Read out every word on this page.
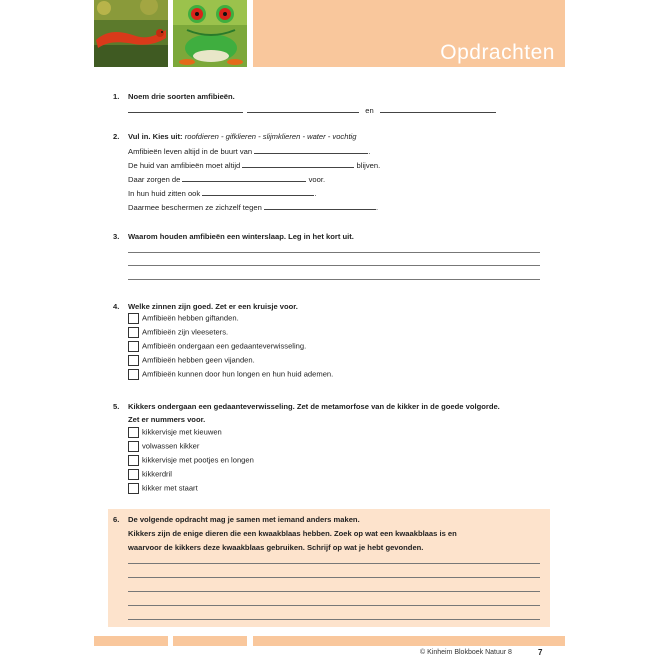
Opdrachten
1. Noem drie soorten amfibieën.
en
2. Vul in. Kies uit: roofdieren - gifklieren - slijmklieren - water - vochtig
Amfibieën leven altijd in de buurt van	.
De huid van amfibieën moet altijd	blijven.
Daar zorgen de	voor.
In hun huid zitten ook	.
Daarmee beschermen ze zichzelf tegen	.
3. Waarom houden amfibieën een winterslaap. Leg in het kort uit.
4. Welke zinnen zijn goed. Zet er een kruisje voor.
Amfibieën hebben giftanden.
Amfibieën zijn vleeseters.
Amfibieën ondergaan een gedaanteverwisseling.
Amfibieën hebben geen vijanden.
Amfibieën kunnen door hun longen en hun huid ademen.
5. Kikkers ondergaan een gedaanteverwisseling. Zet de metamorfose van de kikker in de goede volgorde.
Zet er nummers voor.
kikkervisje met kieuwen
volwassen kikker
kikkervisje met pootjes en longen
kikkerdril
kikker met staart
6. De volgende opdracht mag je samen met iemand anders maken.
Kikkers zijn de enige dieren die een kwaakblaas hebben. Zoek op wat een kwaakblaas is en
waarvoor de kikkers deze kwaakblaas gebruiken. Schrijf op wat je hebt gevonden.
© Kinheim Blokboek Natuur 8	7
